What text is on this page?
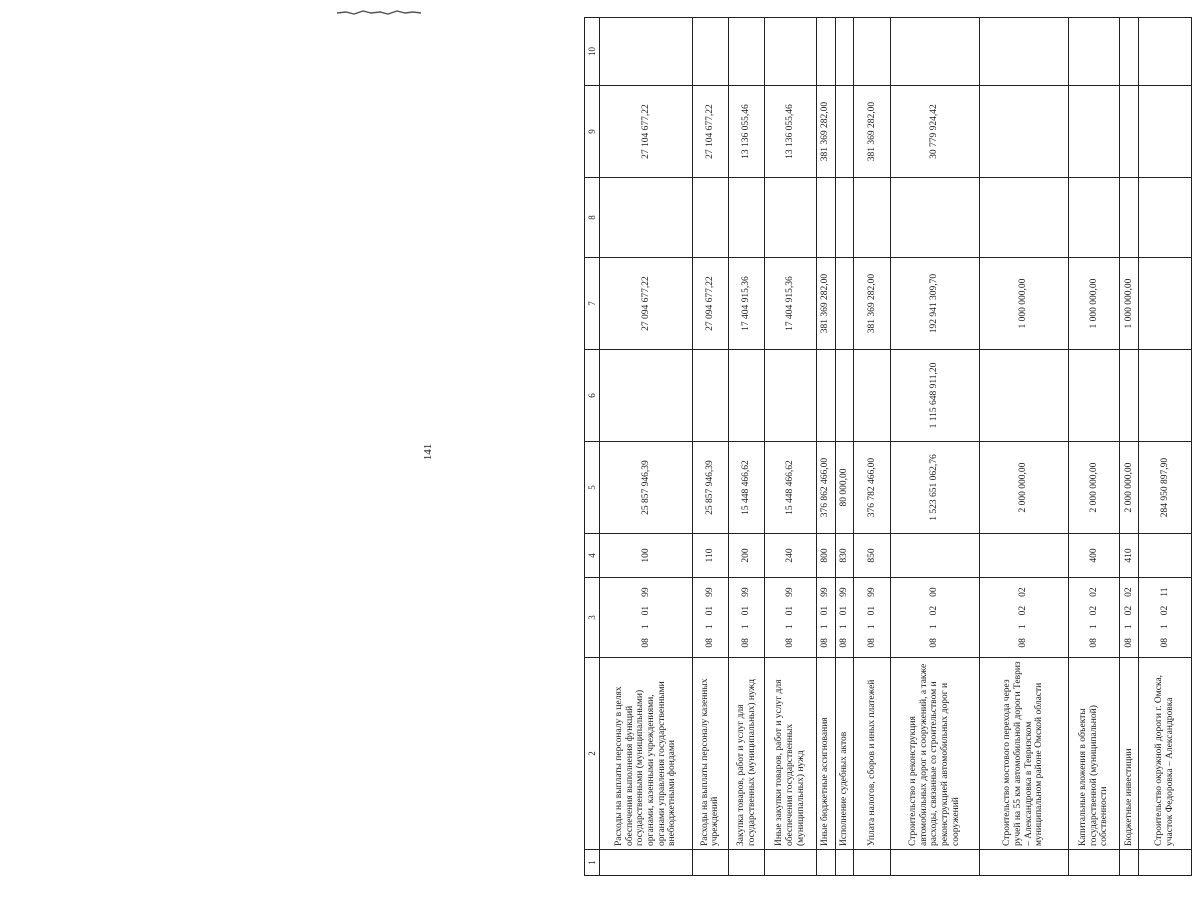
141
1	2	3	4	5	6	7	8	9	10
	Расходы на выплаты персоналу в целях обеспечения выполнения функций государственными (муниципальными) органами, казенными учреждениями, органами управления государственными внебюджетными фондами	0810199	100	25 857 946,39		27 094 677,22		27 104 677,22	
	Расходы на выплаты персоналу казенных учреждений	0810199	110	25 857 946,39		27 094 677,22		27 104 677,22	
	Закупка товаров, работ и услуг для государственных (муниципальных) нужд	0810199	200	15 448 466,62		17 404 915,36		13 136 055,46	
	Иные закупки товаров, работ и услуг для обеспечения государственных (муниципальных) нужд	0810199	240	15 448 466,62		17 404 915,36		13 136 055,46	
	Иные бюджетные ассигнования	0810199	800	376 862 466,00		381 369 282,00		381 369 282,00	
	Исполнение судебных актов	0810199	830	80 000,00					
	Уплата налогов, сборов и иных платежей	0810199	850	376 782 466,00		381 369 282,00		381 369 282,00	
	Строительство и реконструкция автомобильных дорог и сооружений, а также расходы, связанные со строительством и реконструкцией автомобильных дорог и сооружений	0810200		1 523 651 062,76	1 115 648 911,20	192 941 309,70		30 779 924,42	
	Строительство мостового перехода через ручей на 55 км автомобильной дороги Тевриз – Александровка в Тевризском муниципальном районе Омской области	0810202		2 000 000,00		1 000 000,00			
	Капитальные вложения в объекты государственной (муниципальной) собственности	0810202	400	2 000 000,00		1 000 000,00			
	Бюджетные инвестиции	0810202	410	2 000 000,00		1 000 000,00			
	Строительство окружной дороги г. Омска, участок Федоровка – Александровка	0810211		284 950 897,90					
